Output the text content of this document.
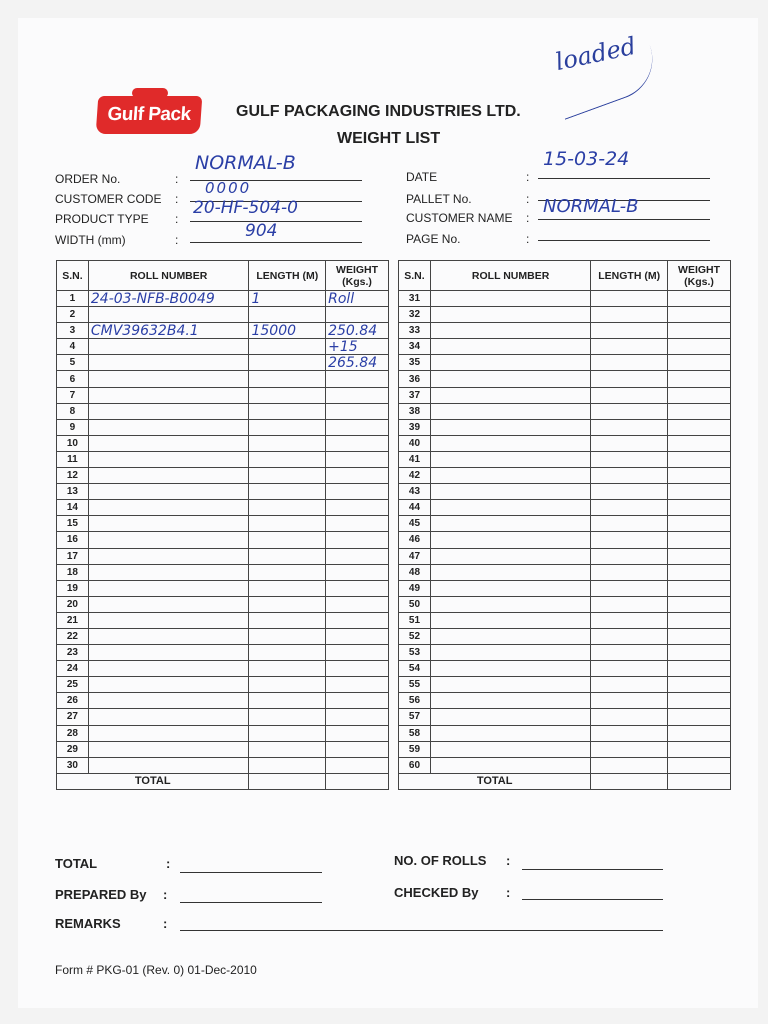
loaded
Gulf Pack	GULF PACKAGING INDUSTRIES LTD.
WEIGHT LIST
ORDER No.	:
NORMAL-B
CUSTOMER CODE :
0000
PRODUCT TYPE :
20-HF-504-0
WIDTH (mm)	:	904
DATE	:
15-03-24
PALLET No.	:
CUSTOMER NAME :
NORMAL-B
PAGE No.	:
S.N.	ROLL NUMBER	LENGTH (M)	WEIGHT (Kgs.)
1	24-03-NFB-B0049	1	Roll
2			
3	CMV39632B4.1	15000	250.84
4			+15
5			265.84
6			
7			
8			
9			
10			
11			
12			
13			
14			
15			
16			
17			
18			
19			
20			
21			
22			
23			
24			
25			
26			
27			
28			
29			
30			
TOTAL			
S.N.	ROLL NUMBER	LENGTH (M)	WEIGHT (Kgs.)
31			
32			
33			
34			
35			
36			
37			
38			
39			
40			
41			
42			
43			
44			
45			
46			
47			
48			
49			
50			
51			
52			
53			
54			
55			
56			
57			
58			
59			
60			
TOTAL			
TOTAL	:	NO. OF ROLLS :
PREPARED By :	CHECKED By :
REMARKS	:
Form # PKG-01 (Rev. 0) 01-Dec-2010
